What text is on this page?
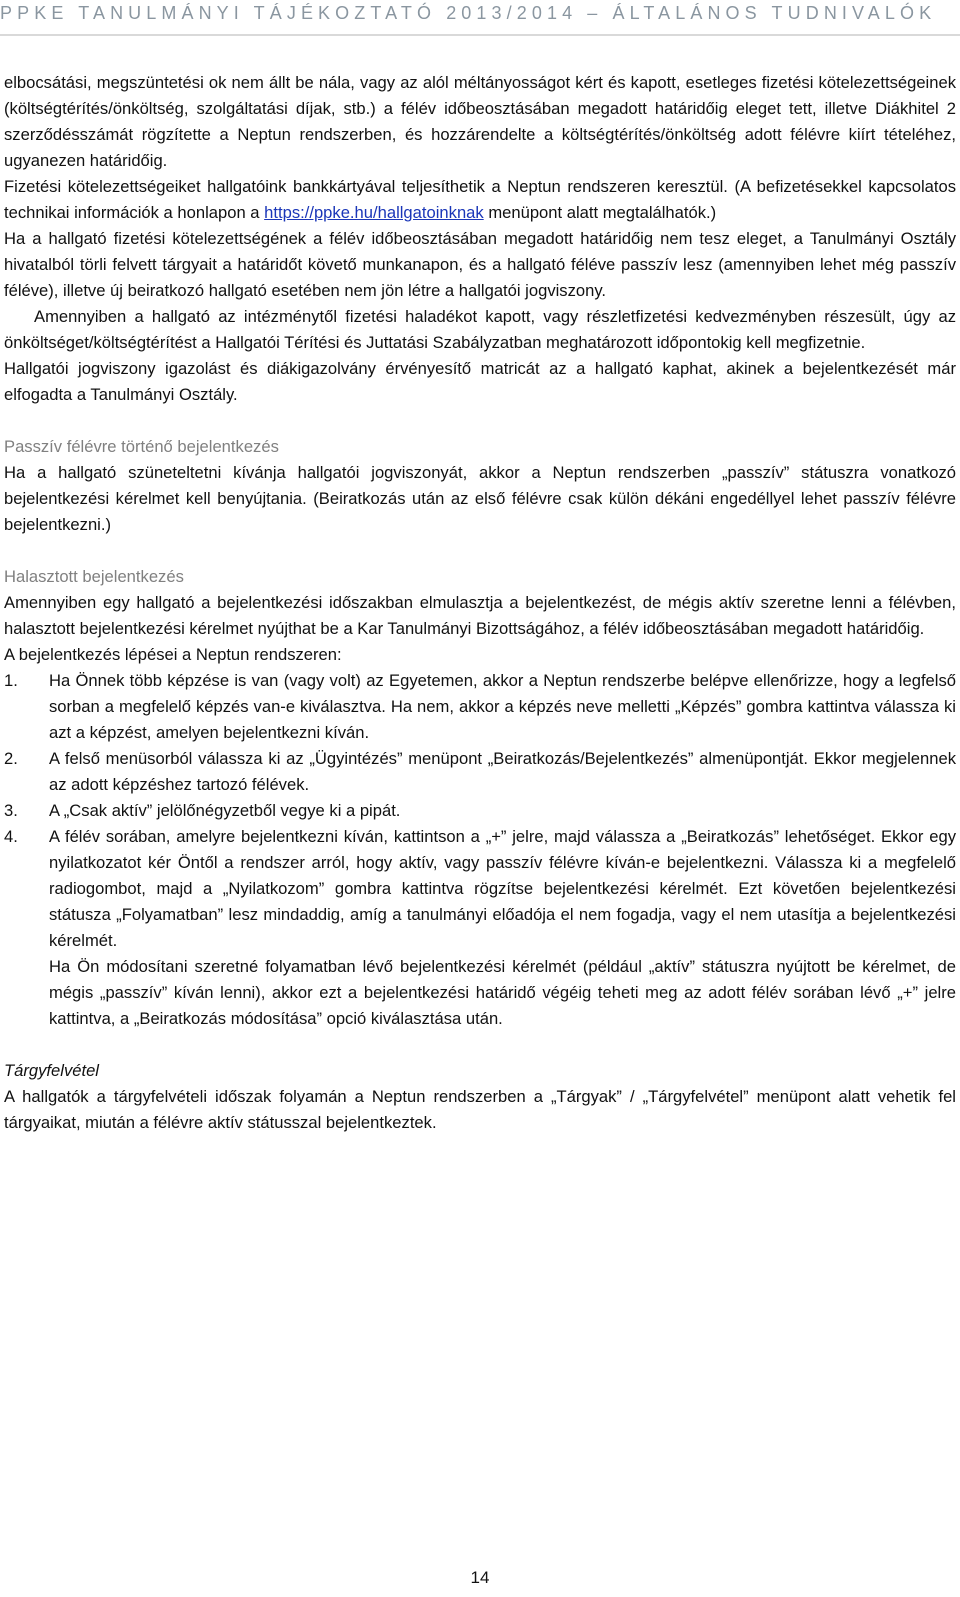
PPKE TANULMÁNYI TÁJÉKOZTATÓ 2013/2014 – ÁLTALÁNOS TUDNIVALÓK

elbocsátási, megszüntetési ok nem állt be nála, vagy az alól méltányosságot kért és kapott, esetleges fizetési kötelezettségeinek (költségtérítés/önköltség, szolgáltatási díjak, stb.) a félév időbeosztásában megadott határidőig eleget tett, illetve Diákhitel 2 szerződésszámát rögzítette a Neptun rendszerben, és hozzárendelte a költségtérítés/önköltség adott félévre kiírt tételéhez, ugyanezen határidőig.

Fizetési kötelezettségeiket hallgatóink bankkártyával teljesíthetik a Neptun rendszeren keresztül. (A befizetésekkel kapcsolatos technikai információk a honlapon a https://ppke.hu/hallgatoinknak menüpont alatt megtalálhatók.)

Ha a hallgató fizetési kötelezettségének a félév időbeosztásában megadott határidőig nem tesz eleget, a Tanulmányi Osztály hivatalból törli felvett tárgyait a határidőt követő munkanapon, és a hallgató féléve passzív lesz (amennyiben lehet még passzív féléve), illetve új beiratkozó hallgató esetében nem jön létre a hallgatói jogviszony.

Amennyiben a hallgató az intézménytől fizetési haladékot kapott, vagy részletfizetési kedvezményben részesült, úgy az önköltséget/költségtérítést a Hallgatói Térítési és Juttatási Szabályzatban meghatározott időpontokig kell megfizetnie.

Hallgatói jogviszony igazolást és diákigazolvány érvényesítő matricát az a hallgató kaphat, akinek a bejelentkezését már elfogadta a Tanulmányi Osztály.

Passzív félévre történő bejelentkezés

Ha a hallgató szüneteltetni kívánja hallgatói jogviszonyát, akkor a Neptun rendszerben „passzív” státuszra vonatkozó bejelentkezési kérelmet kell benyújtania. (Beiratkozás után az első félévre csak külön dékáni engedéllyel lehet passzív félévre bejelentkezni.)

Halasztott bejelentkezés

Amennyiben egy hallgató a bejelentkezési időszakban elmulasztja a bejelentkezést, de mégis aktív szeretne lenni a félévben, halasztott bejelentkezési kérelmet nyújthat be a Kar Tanulmányi Bizottságához, a félév időbeosztásában megadott határidőig.

A bejelentkezés lépései a Neptun rendszeren:

1. Ha Önnek több képzése is van (vagy volt) az Egyetemen, akkor a Neptun rendszerbe belépve ellenőrizze, hogy a legfelső sorban a megfelelő képzés van-e kiválasztva. Ha nem, akkor a képzés neve melletti „Képzés” gombra kattintva válassza ki azt a képzést, amelyen bejelentkezni kíván.
2. A felső menüsorból válassza ki az „Ügyintézés” menüpont „Beiratkozás/Bejelentkezés” almenüpontját. Ekkor megjelennek az adott képzéshez tartozó félévek.
3. A „Csak aktív” jelölőnégyzetből vegye ki a pipát.
4. A félév sorában, amelyre bejelentkezni kíván, kattintson a „+” jelre, majd válassza a „Beiratkozás” lehetőséget. Ekkor egy nyilatkozatot kér Öntől a rendszer arról, hogy aktív, vagy passzív félévre kíván-e bejelentkezni. Válassza ki a megfelelő radiogombot, majd a „Nyilatkozom” gombra kattintva rögzítse bejelentkezési kérelmét. Ezt követően bejelentkezési státusza „Folyamatban” lesz mindaddig, amíg a tanulmányi előadója el nem fogadja, vagy el nem utasítja a bejelentkezési kérelmét.
Ha Ön módosítani szeretné folyamatban lévő bejelentkezési kérelmét (például „aktív” státuszra nyújtott be kérelmet, de mégis „passzív” kíván lenni), akkor ezt a bejelentkezési határidő végéig teheti meg az adott félév sorában lévő „+” jelre kattintva, a „Beiratkozás módosítása” opció kiválasztása után.

Tárgyfelvétel

A hallgatók a tárgyfelvételi időszak folyamán a Neptun rendszerben a „Tárgyak” / „Tárgyfelvétel” menüpont alatt vehetik fel tárgyaikat, miután a félévre aktív státusszal bejelentkeztek.

14
